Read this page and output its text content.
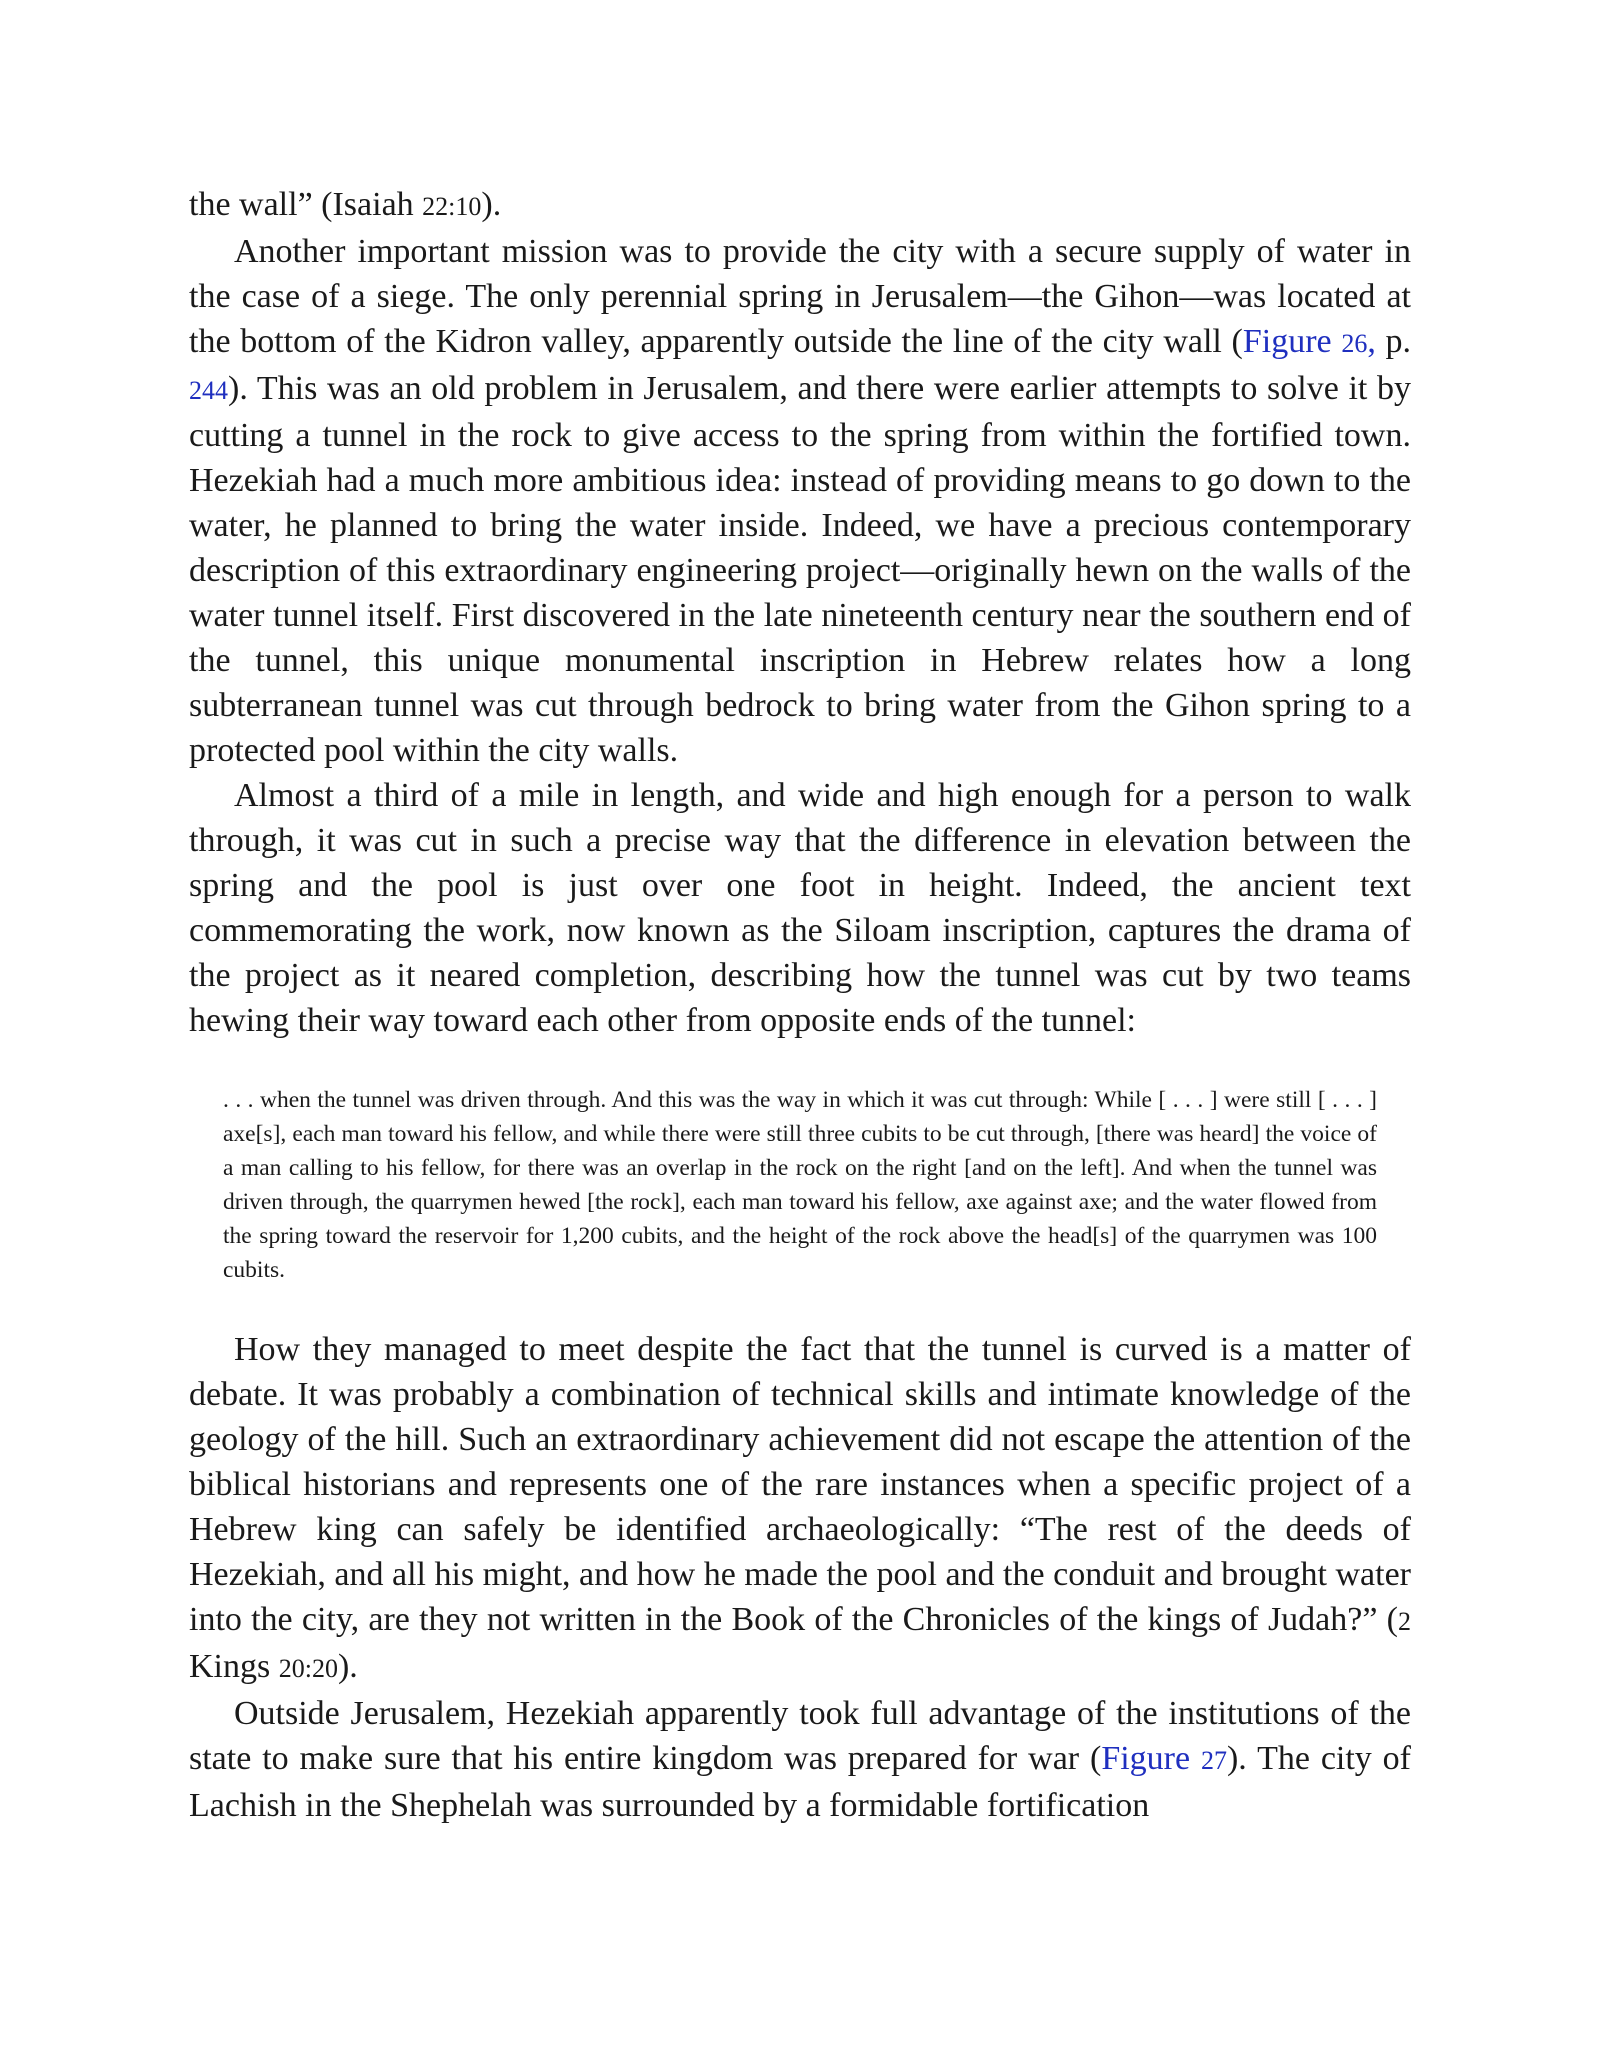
the wall” (Isaiah 22:10).

Another important mission was to provide the city with a secure supply of water in the case of a siege. The only perennial spring in Jerusalem—the Gihon—was located at the bottom of the Kidron valley, apparently outside the line of the city wall (Figure 26, p. 244). This was an old problem in Jerusalem, and there were earlier attempts to solve it by cutting a tunnel in the rock to give access to the spring from within the fortified town. Hezekiah had a much more ambitious idea: instead of providing means to go down to the water, he planned to bring the water inside. Indeed, we have a precious contemporary description of this extraordinary engineering project—originally hewn on the walls of the water tunnel itself. First discovered in the late nineteenth century near the southern end of the tunnel, this unique monumental inscription in Hebrew relates how a long subterranean tunnel was cut through bedrock to bring water from the Gihon spring to a protected pool within the city walls.

Almost a third of a mile in length, and wide and high enough for a person to walk through, it was cut in such a precise way that the difference in elevation between the spring and the pool is just over one foot in height. Indeed, the ancient text commemorating the work, now known as the Siloam inscription, captures the drama of the project as it neared completion, describing how the tunnel was cut by two teams hewing their way toward each other from opposite ends of the tunnel:

. . . when the tunnel was driven through. And this was the way in which it was cut through: While [ . . . ] were still [ . . . ] axe[s], each man toward his fellow, and while there were still three cubits to be cut through, [there was heard] the voice of a man calling to his fellow, for there was an overlap in the rock on the right [and on the left]. And when the tunnel was driven through, the quarrymen hewed [the rock], each man toward his fellow, axe against axe; and the water flowed from the spring toward the reservoir for 1,200 cubits, and the height of the rock above the head[s] of the quarrymen was 100 cubits.

How they managed to meet despite the fact that the tunnel is curved is a matter of debate. It was probably a combination of technical skills and intimate knowledge of the geology of the hill. Such an extraordinary achievement did not escape the attention of the biblical historians and represents one of the rare instances when a specific project of a Hebrew king can safely be identified archaeologically: “The rest of the deeds of Hezekiah, and all his might, and how he made the pool and the conduit and brought water into the city, are they not written in the Book of the Chronicles of the kings of Judah?” (2 Kings 20:20).

Outside Jerusalem, Hezekiah apparently took full advantage of the institutions of the state to make sure that his entire kingdom was prepared for war (Figure 27). The city of Lachish in the Shephelah was surrounded by a formidable fortification
